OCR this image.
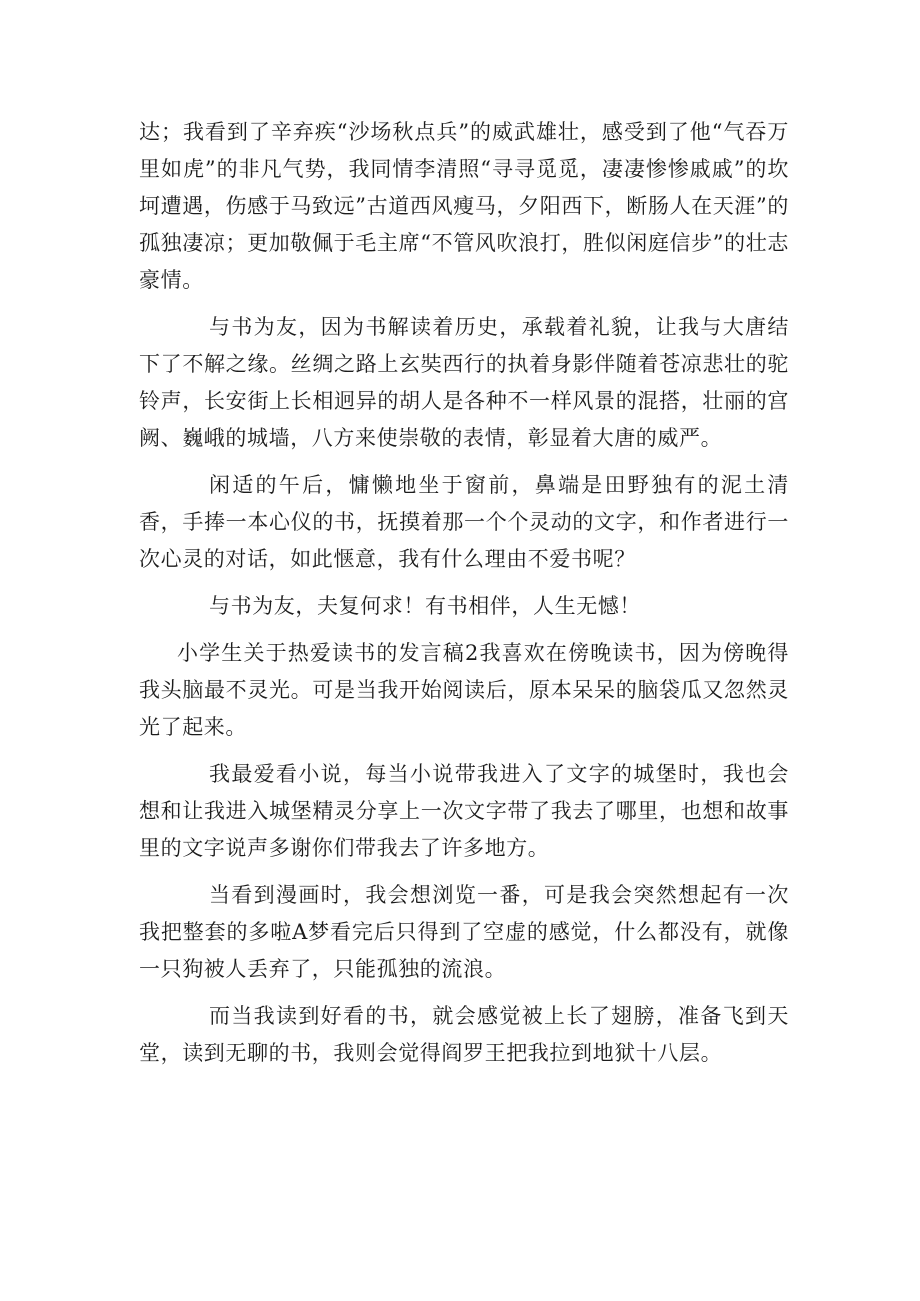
达；我看到了辛弃疾“沙场秋点兵”的威武雄壮，感受到了他“气吞万里如虎”的非凡气势，我同情李清照“寻寻觅觅，凄凄惨惨戚戚”的坎坷遭遇，伤感于马致远”古道西风瘦马，夕阳西下，断肠人在天涯”的孤独凄凉；更加敬佩于毛主席“不管风吹浪打，胜似闲庭信步”的壮志豪情。

与书为友，因为书解读着历史，承载着礼貌，让我与大唐结下了不解之缘。丝绸之路上玄奘西行的执着身影伴随着苍凉悲壮的驼铃声，长安街上长相迥异的胡人是各种不一样风景的混搭，壮丽的宫阙、巍峨的城墙，八方来使崇敬的表情，彰显着大唐的威严。

闲适的午后，慵懒地坐于窗前，鼻端是田野独有的泥土清香，手捧一本心仪的书，抚摸着那一个个灵动的文字，和作者进行一次心灵的对话，如此惬意，我有什么理由不爱书呢？

与书为友，夫复何求！有书相伴，人生无憾！

小学生关于热爱读书的发言稿2我喜欢在傍晚读书，因为傍晚得我头脑最不灵光。可是当我开始阅读后，原本呆呆的脑袋瓜又忽然灵光了起来。

我最爱看小说，每当小说带我进入了文字的城堡时，我也会想和让我进入城堡精灵分享上一次文字带了我去了哪里，也想和故事里的文字说声多谢你们带我去了许多地方。

当看到漫画时，我会想浏览一番，可是我会突然想起有一次我把整套的多啦A梦看完后只得到了空虚的感觉，什么都没有，就像一只狗被人丢弃了，只能孤独的流浪。

而当我读到好看的书，就会感觉被上长了翅膀，准备飞到天堂，读到无聊的书，我则会觉得阎罗王把我拉到地狱十八层。
